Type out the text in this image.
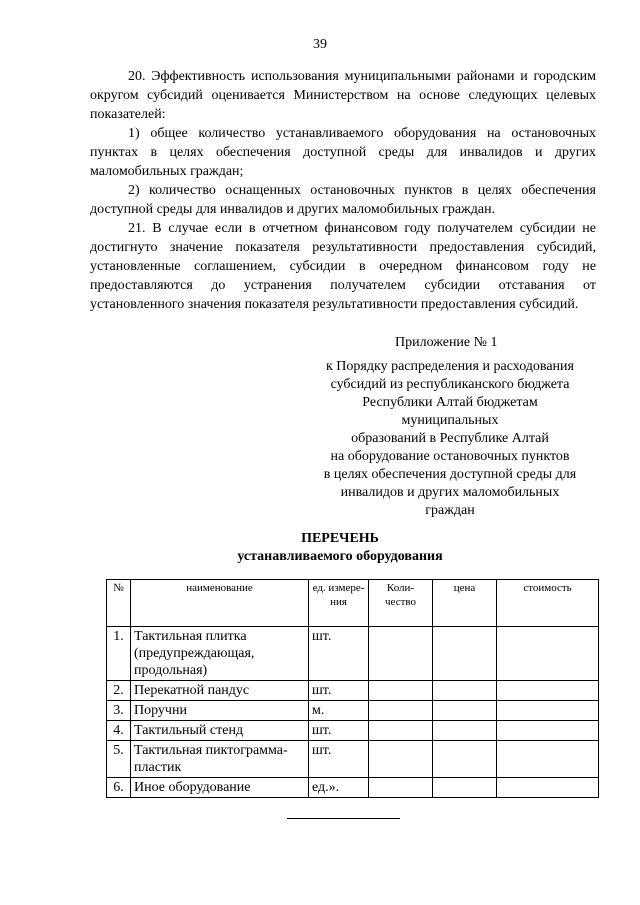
39

20. Эффективность использования муниципальными районами и городским округом субсидий оценивается Министерством на основе следующих целевых показателей:

1) общее количество устанавливаемого оборудования на остановочных пунктах в целях обеспечения доступной среды для инвалидов и других маломобильных граждан;

2) количество оснащенных остановочных пунктов в целях обеспечения доступной среды для инвалидов и других маломобильных граждан.

21. В случае если в отчетном финансовом году получателем субсидии не достигнуто значение показателя результативности предоставления субсидий, установленные соглашением, субсидии в очередном финансовом году не предоставляются до устранения получателем субсидии отставания от установленного значения показателя результативности предоставления субсидий.

Приложение № 1
к Порядку распределения и расходования
субсидий из республиканского бюджета
Республики Алтай бюджетам
муниципальных
образований в Республике Алтай
на оборудование остановочных пунктов
в целях обеспечения доступной среды для
инвалидов и других маломобильных
граждан
ПЕРЕЧЕНЬ
устанавливаемого оборудования
№	наименование	ед. измере-ния	Коли-чество	цена	стоимость
1.	Тактильная плитка (предупреждающая, продольная)	шт.			
2.	Перекатной пандус	шт.			
3.	Поручни	м.			
4.	Тактильный стенд	шт.			
5.	Тактильная пиктограмма-пластик	шт.			
6.	Иное оборудование	ед.».			
